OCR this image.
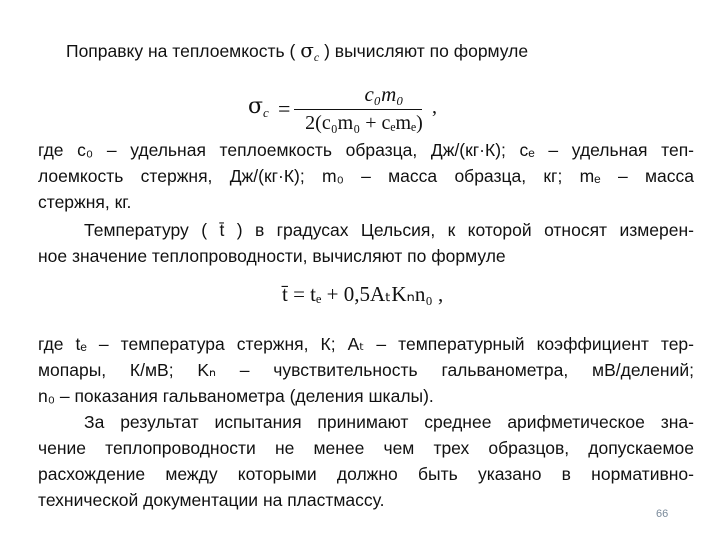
Поправку на теплоемкость ( $\sigma_c$ ) вычисляют по формуле
$\sigma_c$ =
c₀m₀
2(c₀m₀ + cₑmₑ)
,
где c₀ – удельная теплоемкость образца, Дж/(кг·К); cₑ – удельная теп-
лоемкость стержня, Дж/(кг·К); m₀ – масса образца, кг; mₑ – масса
стержня, кг.
Температуру ( t̄ ) в градусах Цельсия, к которой относят измерен-
ное значение теплопроводности, вычисляют по формуле
t̄ = tₑ + 0,5AₜKₙn₀ ,
где tₑ – температура стержня, К; Aₜ – температурный коэффициент тер-
мопары, К/мВ; Kₙ – чувствительность гальванометра, мВ/делений;
n₀ – показания гальванометра (деления шкалы).
За результат испытания принимают среднее арифметическое зна-
чение теплопроводности не менее чем трех образцов, допускаемое
расхождение между которыми должно быть указано в нормативно-
технической документации на пластмассу.
66
